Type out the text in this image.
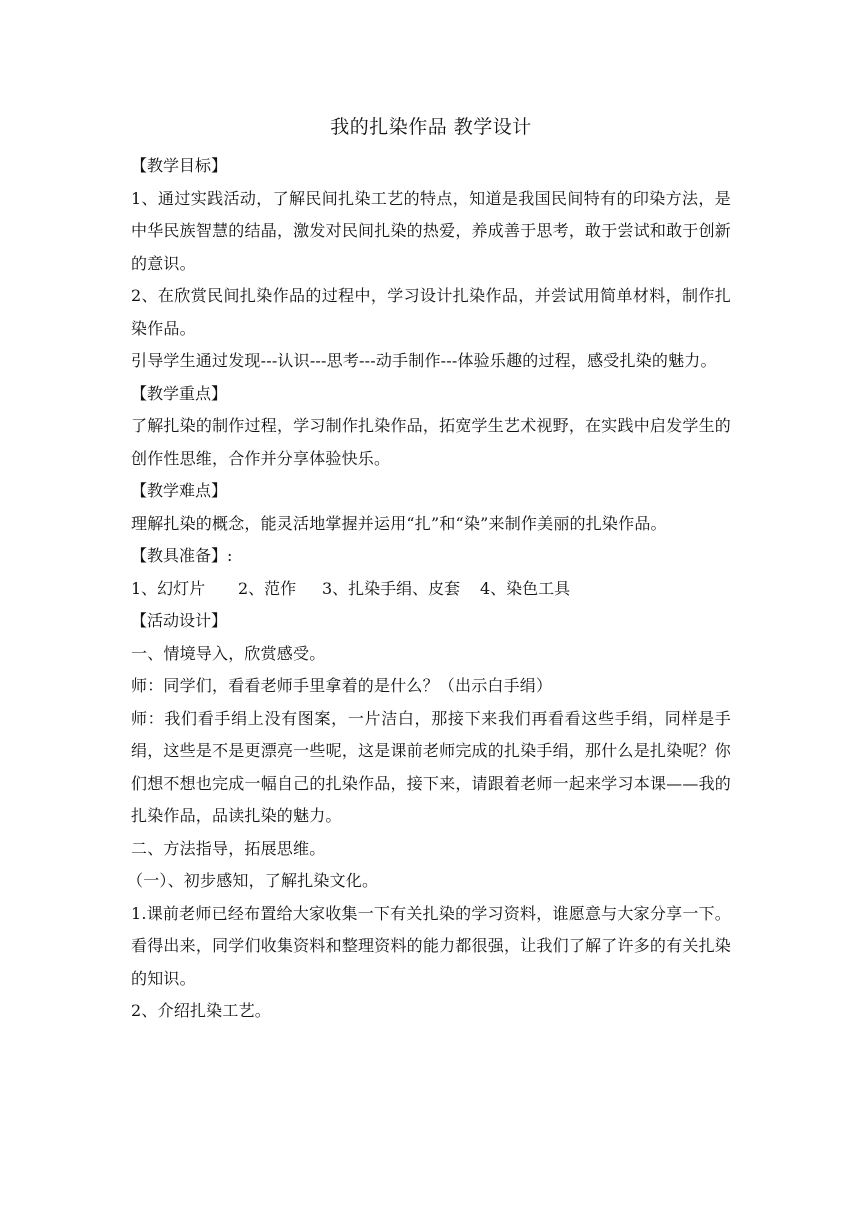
我的扎染作品 教学设计

【教学目标】

1、通过实践活动，了解民间扎染工艺的特点，知道是我国民间特有的印染方法，是中华民族智慧的结晶，激发对民间扎染的热爱，养成善于思考，敢于尝试和敢于创新的意识。

2、在欣赏民间扎染作品的过程中，学习设计扎染作品，并尝试用简单材料，制作扎染作品。

引导学生通过发现---认识---思考---动手制作---体验乐趣的过程，感受扎染的魅力。

【教学重点】

了解扎染的制作过程，学习制作扎染作品，拓宽学生艺术视野，在实践中启发学生的创作性思维，合作并分享体验快乐。

【教学难点】

理解扎染的概念，能灵活地掌握并运用“扎”和“染”来制作美丽的扎染作品。

【教具准备】:

1、幻灯片	2、范作	3、扎染手绢、皮套	4、染色工具

【活动设计】

一、情境导入，欣赏感受。

师：同学们，看看老师手里拿着的是什么？（出示白手绢）

师：我们看手绢上没有图案，一片洁白，那接下来我们再看看这些手绢，同样是手绢，这些是不是更漂亮一些呢，这是课前老师完成的扎染手绢，那什么是扎染呢？你们想不想也完成一幅自己的扎染作品，接下来，请跟着老师一起来学习本课——我的扎染作品，品读扎染的魅力。

二、方法指导，拓展思维。

（一）、初步感知，了解扎染文化。

1.课前老师已经布置给大家收集一下有关扎染的学习资料，谁愿意与大家分享一下。看得出来，同学们收集资料和整理资料的能力都很强，让我们了解了许多的有关扎染的知识。

2、介绍扎染工艺。
